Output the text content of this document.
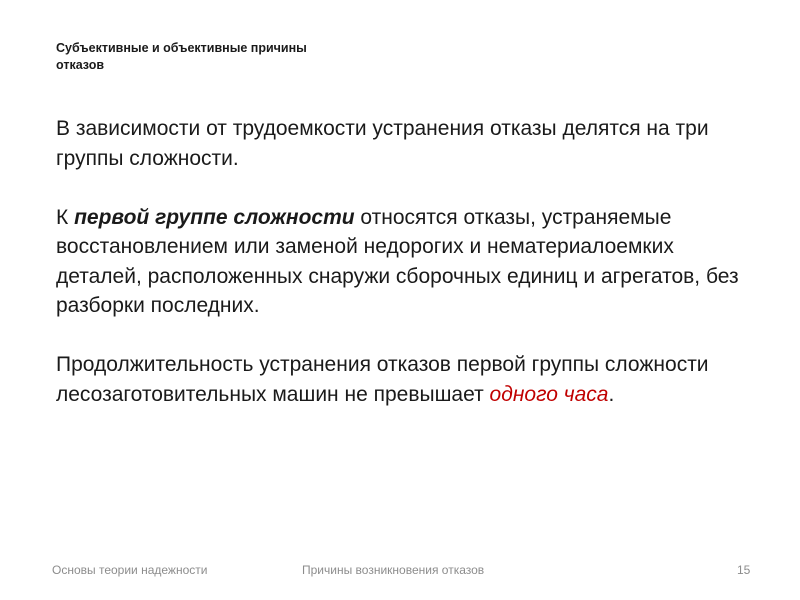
Субъективные и объективные причины
отказов

В зависимости от трудоемкости устранения отказы делятся на три группы сложности.

К первой группе сложности относятся отказы, устраняемые восстановлением или заменой недорогих и нематериалоемких деталей, расположенных снаружи сборочных единиц и агрегатов, без разборки последних.

Продолжительность устранения отказов первой группы сложности лесозаготовительных машин не превышает одного часа.

Основы теории надежности	Причины возникновения отказов	15
